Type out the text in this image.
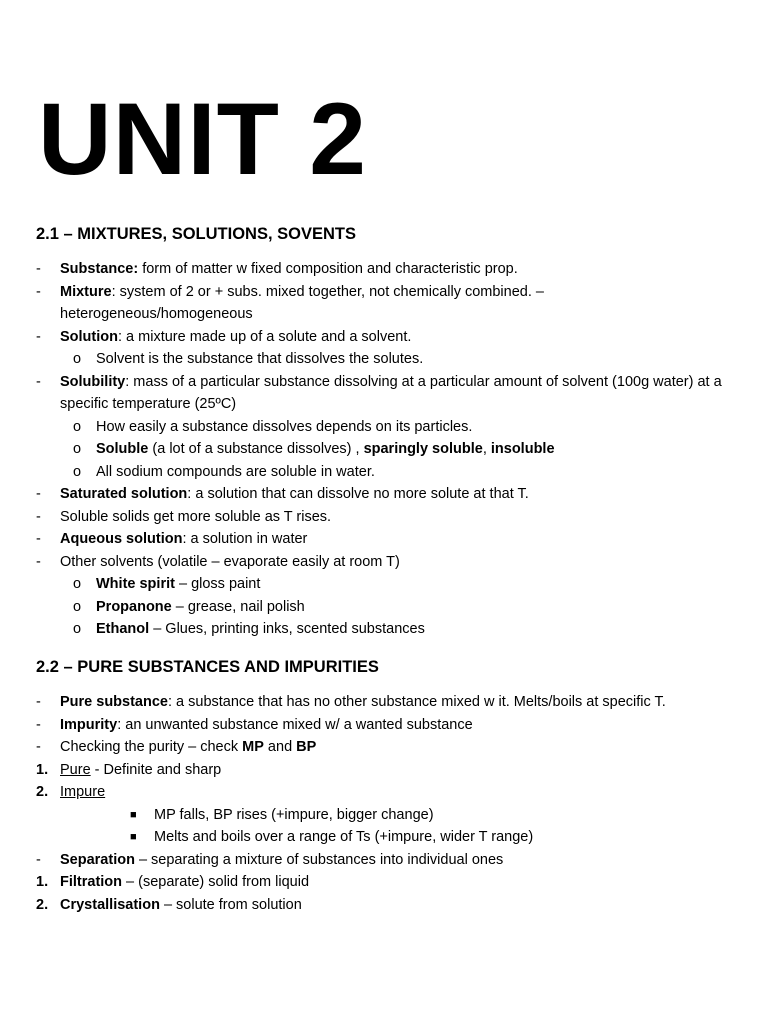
UNIT 2
2.1 – MIXTURES, SOLUTIONS, SOVENTS
-	Substance: form of matter w fixed composition and characteristic prop.
-	Mixture: system of 2 or + subs. mixed together, not chemically combined. – heterogeneous/homogeneous
-	Solution: a mixture made up of a solute and a solvent.
o	Solvent is the substance that dissolves the solutes.
-	Solubility: mass of a particular substance dissolving at a particular amount of solvent (100g water) at a specific temperature (25ºC)
o	How easily a substance dissolves depends on its particles.
o	Soluble (a lot of a substance dissolves) , sparingly soluble, insoluble
o	All sodium compounds are soluble in water.
-	Saturated solution: a solution that can dissolve no more solute at that T.
-	Soluble solids get more soluble as T rises.
-	Aqueous solution: a solution in water
-	Other solvents (volatile – evaporate easily at room T)
o	White spirit – gloss paint
o	Propanone – grease, nail polish
o	Ethanol – Glues, printing inks, scented substances
2.2 – PURE SUBSTANCES AND IMPURITIES
-	Pure substance: a substance that has no other substance mixed w it. Melts/boils at specific T.
-	Impurity: an unwanted substance mixed w/ a wanted substance
-	Checking the purity – check MP and BP
1. Pure - Definite and sharp
2. Impure
■	MP falls, BP rises (+impure, bigger change)
■	Melts and boils over a range of Ts (+impure, wider T range)
-	Separation – separating a mixture of substances into individual ones
1. Filtration – (separate) solid from liquid
2. Crystallisation – solute from solution
